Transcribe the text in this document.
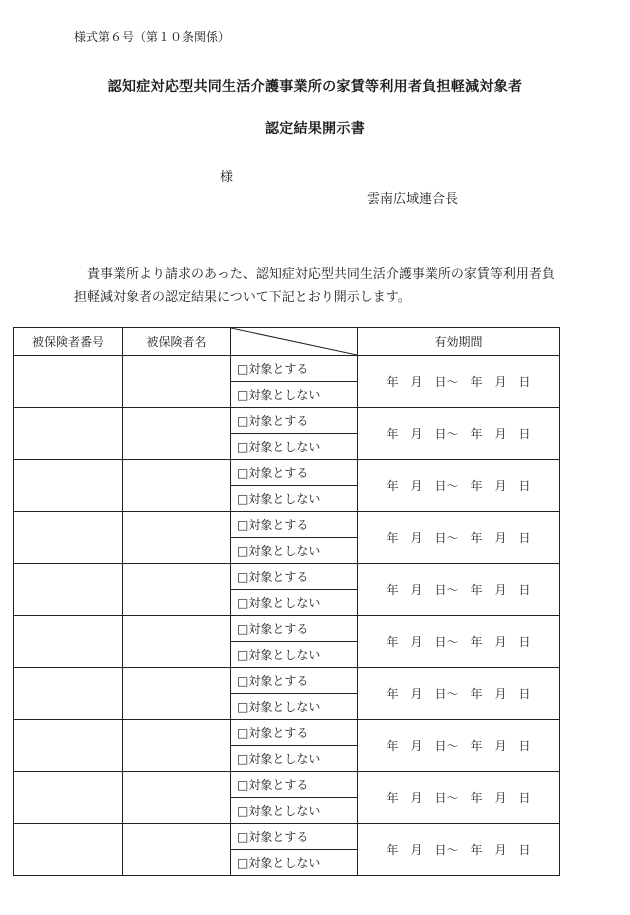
様式第６号（第１０条関係）
認知症対応型共同生活介護事業所の家賃等利用者負担軽減対象者
認定結果開示書
様
雲南広域連合長
貴事業所より請求のあった、認知症対応型共同生活介護事業所の家賃等利用者負担軽減対象者の認定結果について下記とおり開示します。
被保険者番号	被保険者名		有効期間
		□対象とする	年　月　日～　年　月　日
		□対象としない	
		□対象とする	年　月　日～　年　月　日
		□対象としない	
		□対象とする	年　月　日～　年　月　日
		□対象としない	
		□対象とする	年　月　日～　年　月　日
		□対象としない	
		□対象とする	年　月　日～　年　月　日
		□対象としない	
		□対象とする	年　月　日～　年　月　日
		□対象としない	
		□対象とする	年　月　日～　年　月　日
		□対象としない	
		□対象とする	年　月　日～　年　月　日
		□対象としない	
		□対象とする	年　月　日～　年　月　日
		□対象としない	
		□対象とする	年　月　日～　年　月　日
		□対象としない	
